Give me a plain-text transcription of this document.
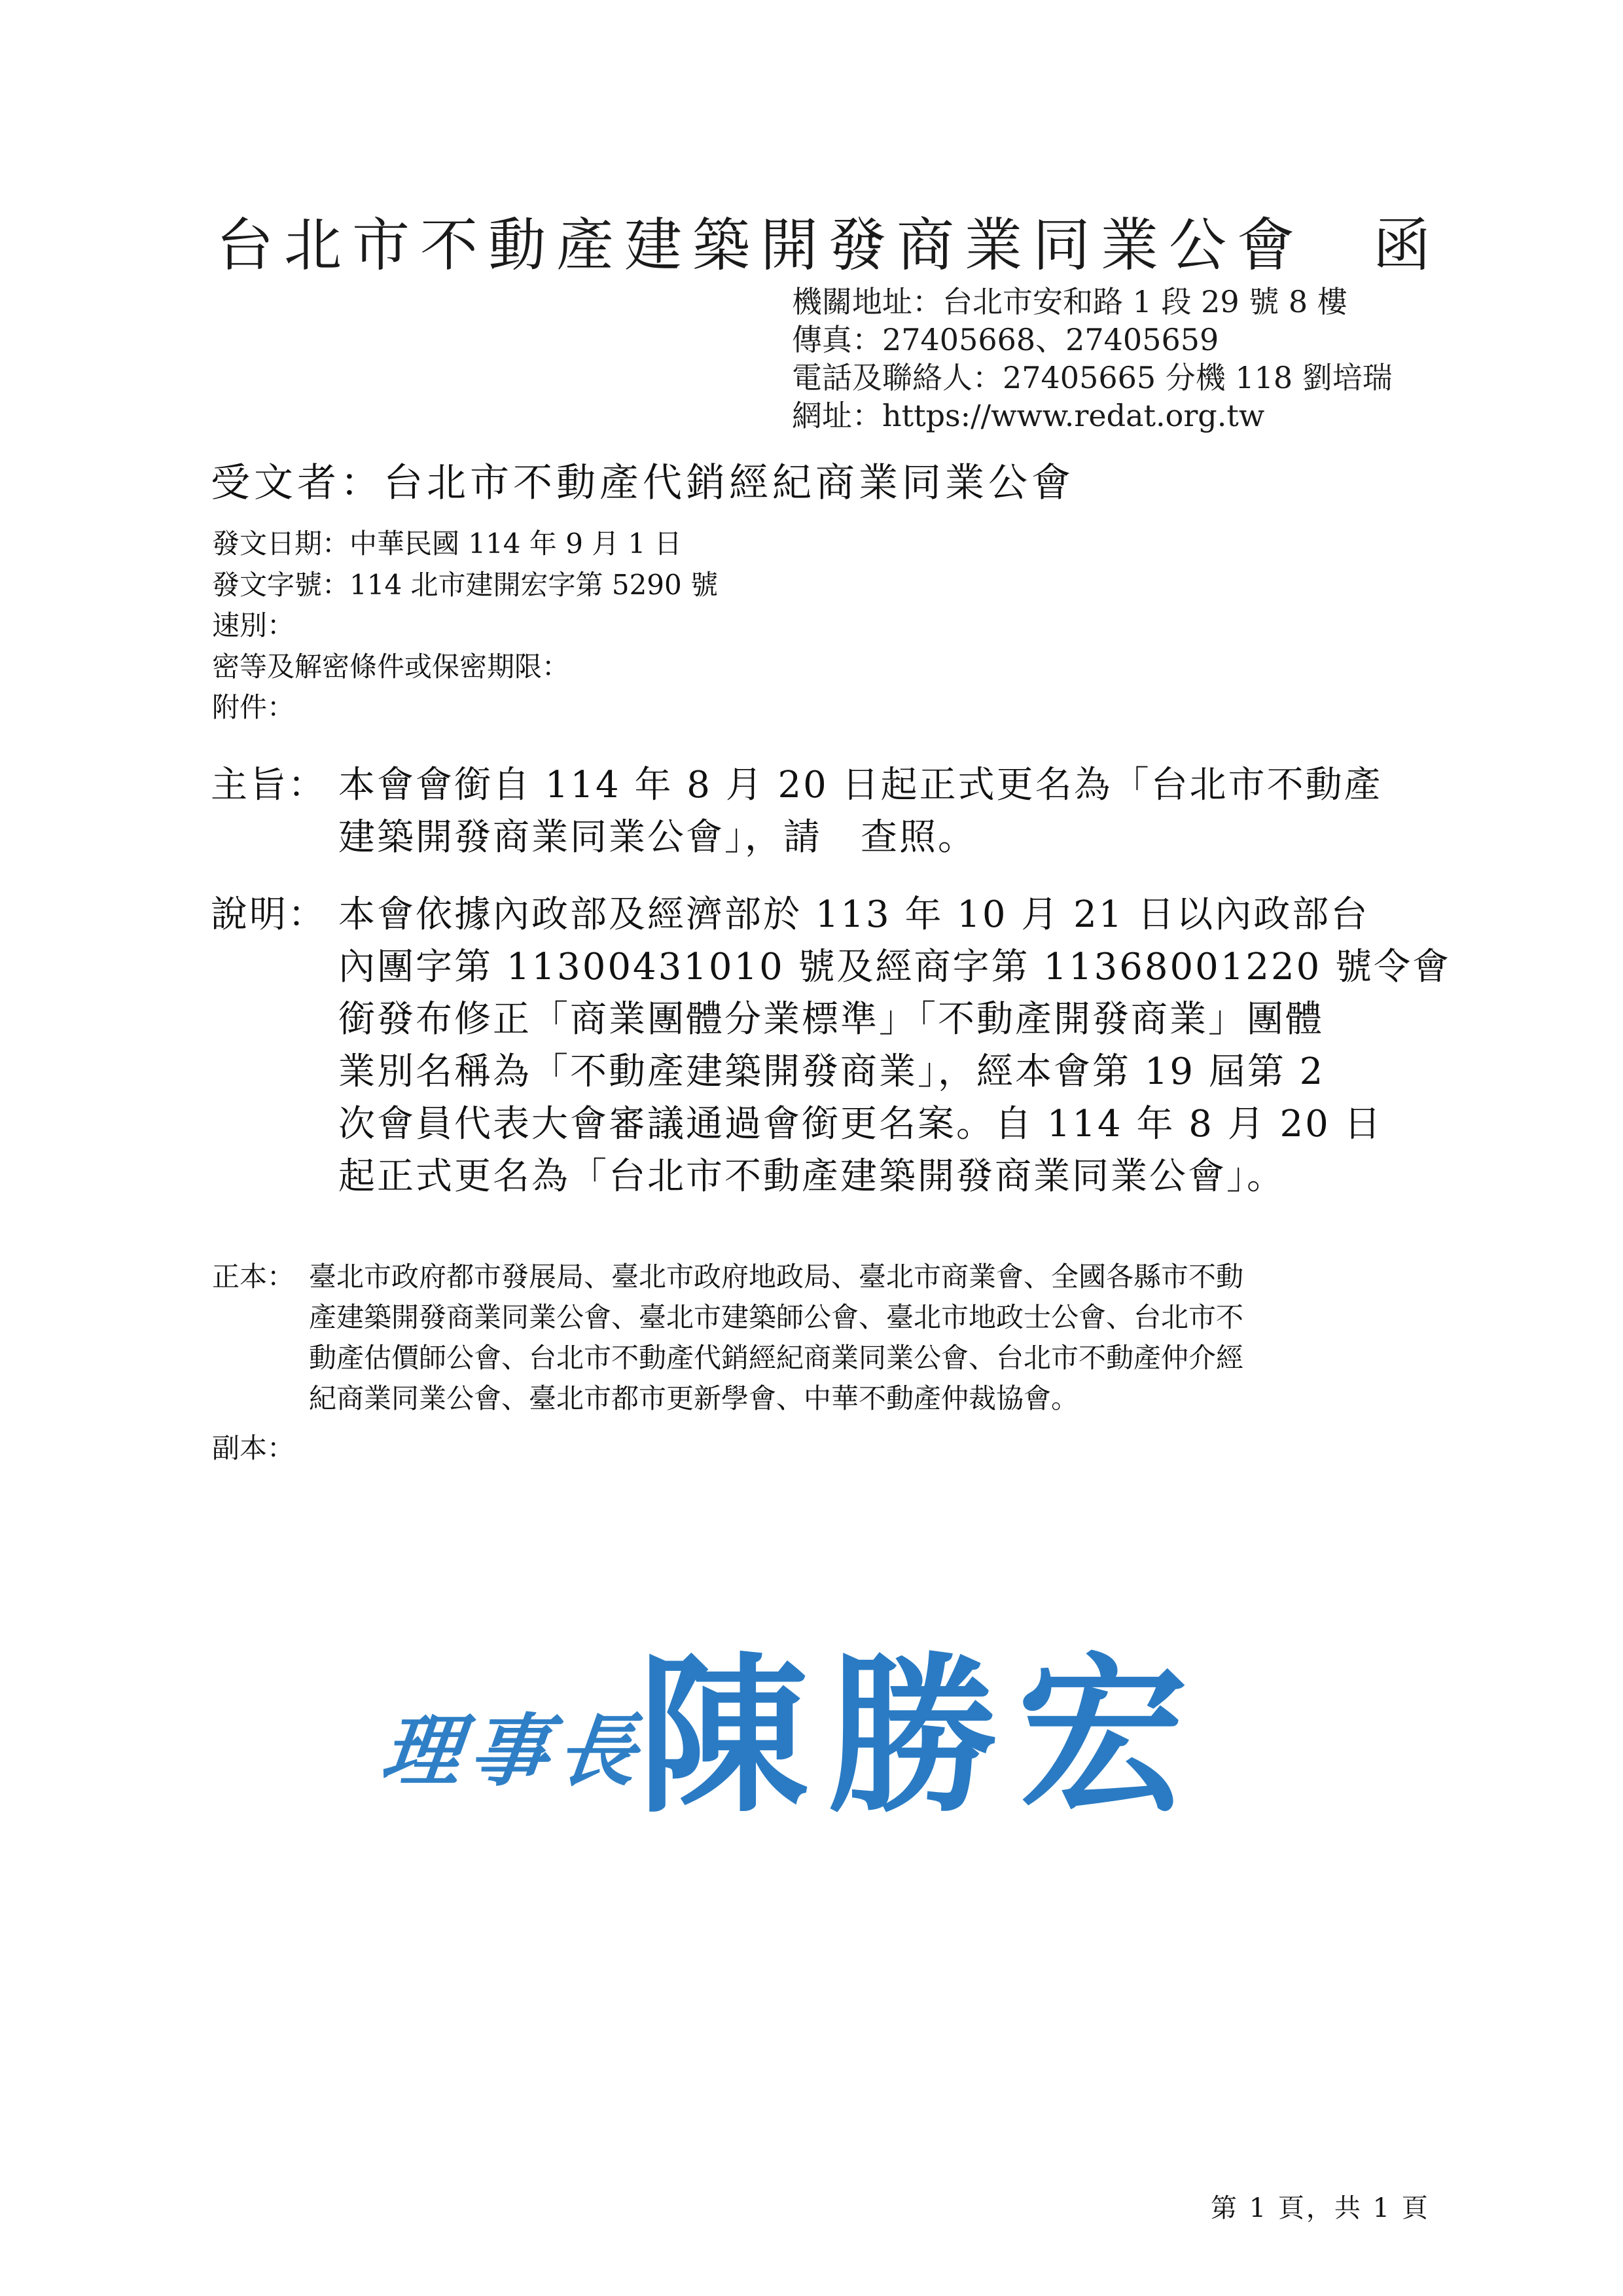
台北市不動產建築開發商業同業公會　函
機關地址：台北市安和路 1 段 29 號 8 樓
傳真：27405668、27405659
電話及聯絡人：27405665 分機 118 劉培瑞
網址：https://www.redat.org.tw
受文者：台北市不動產代銷經紀商業同業公會
發文日期：中華民國 114 年 9 月 1 日
發文字號：114 北市建開宏字第 5290 號
速別：
密等及解密條件或保密期限：
附件：
主旨： 本會會銜自 114 年 8 月 20 日起正式更名為「台北市不動產
建築開發商業同業公會」，請　查照。
說明： 本會依據內政部及經濟部於 113 年 10 月 21 日以內政部台
內團字第 11300431010 號及經商字第 11368001220 號令會
銜發布修正「商業團體分業標準」「不動產開發商業」團體
業別名稱為「不動產建築開發商業」，經本會第 19 屆第 2
次會員代表大會審議通過會銜更名案。自 114 年 8 月 20 日
起正式更名為「台北市不動產建築開發商業同業公會」。
正本： 臺北市政府都市發展局、臺北市政府地政局、臺北市商業會、全國各縣市不動
產建築開發商業同業公會、臺北市建築師公會、臺北市地政士公會、台北市不
動產估價師公會、台北市不動產代銷經紀商業同業公會、台北市不動產仲介經
紀商業同業公會、臺北市都市更新學會、中華不動產仲裁協會。
副本：
理事長
陳勝宏
第 1 頁，共 1 頁
